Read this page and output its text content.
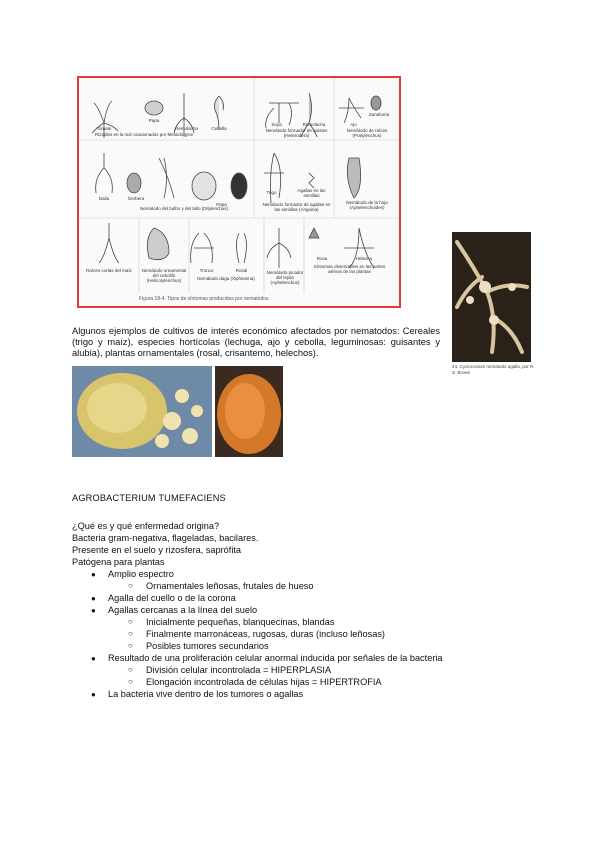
Tomate
Papa
Remolacha	Cebolla
Rizoides en la raíz ocasionados por Meloidogyne
Soya	Remolacha	Ajo
Zanahoria
Nemátodo formador de quistes (Heterodera)
Nemátodo de raíces (Pratylenchus)
Dalia	Gerbera
Papa
Nemátodo del bulbo y del tallo (Ditylenchus)
Trigo	Agallas en las semillas
Nemátodo formador de agallas en las semillas (Anguina)
Nemátodo de la hoja (Aphelenchoides)
Raíces cortas del maíz	Nemátodo ornamental del cebollín (Helicotylenchus)
Tronco	Rosal
Nemátodo daga (Xiphinema)
Nemátodo picador del tejido (Aphelenchus)
Rosa	Helecho
Síntomas observables en las partes aéreas de las plantas
Figura 18-4. Tipos de síntomas producidos por nematodos
Algunos ejemplos de cultivos de interés económico afectados por nematodos: Cereales (trigo y maíz), especies hortícolas (lechuga, ajo y cebolla, leguminosas: guisantes y alubia), plantas ornamentales (rosal, crisantemo, helechos).
44. Cycloconium nematodo agalla, por R. S. Brown
AGROBACTERIUM TUMEFACIENS
¿Qué es y qué enfermedad origina?
Bacteria gram-negativa, flageladas, bacilares.
Presente en el suelo y rizosfera, saprófita
Patógena para plantas
● Amplio espectro
○ Ornamentales leñosas, frutales de hueso
● Agalla del cuello o de la corona
● Agallas cercanas a la línea del suelo
○ Inicialmente pequeñas, blanquecinas, blandas
○ Finalmente marronáceas, rugosas, duras (incluso leñosas)
○ Posibles tumores secundarios
● Resultado de una proliferación celular anormal inducida por señales de la bacteria
○ División celular incontrolada = HIPERPLASIA
○ Elongación incontrolada de células hijas = HIPERTROFIA
● La bacteria vive dentro de los tumores o agallas
